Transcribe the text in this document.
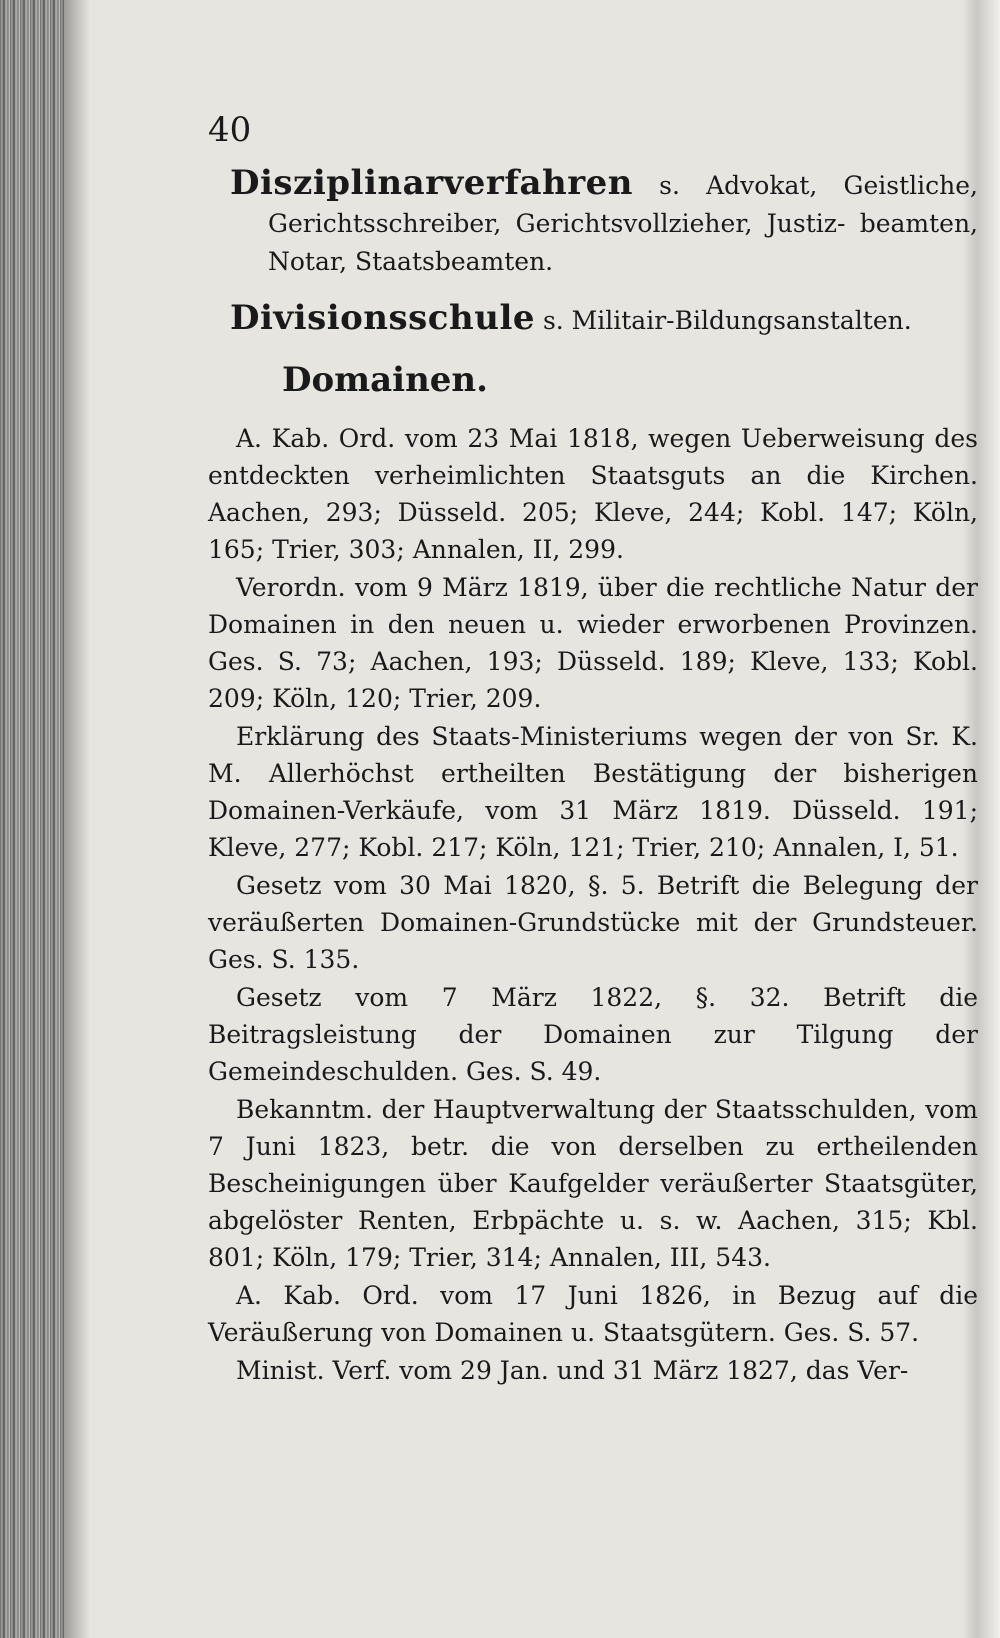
40
Disziplinarverfahren s. Advokat, Geistliche, Gerichtsschreiber, Gerichtsvollzieher, Justiz- beamten, Notar, Staatsbeamten.
Divisionsschule s. Militair-Bildungsanstalten.
Domainen.

A. Kab. Ord. vom 23 Mai 1818, wegen Ueberweisung des entdeckten verheimlichten Staatsguts an die Kirchen. Aachen, 293; Düsseld. 205; Kleve, 244; Kobl. 147; Köln, 165; Trier, 303; Annalen, II, 299.

Verordn. vom 9 März 1819, über die rechtliche Natur der Domainen in den neuen u. wieder erworbenen Provinzen. Ges. S. 73; Aachen, 193; Düsseld. 189; Kleve, 133; Kobl. 209; Köln, 120; Trier, 209.

Erklärung des Staats-Ministeriums wegen der von Sr. K. M. Allerhöchst ertheilten Bestätigung der bisherigen Domainen-Verkäufe, vom 31 März 1819. Düsseld. 191; Kleve, 277; Kobl. 217; Köln, 121; Trier, 210; Annalen, I, 51.

Gesetz vom 30 Mai 1820, §. 5. Betrift die Belegung der veräußerten Domainen-Grundstücke mit der Grundsteuer. Ges. S. 135.

Gesetz vom 7 März 1822, §. 32. Betrift die Beitragsleistung der Domainen zur Tilgung der Gemeindeschulden. Ges. S. 49.

Bekanntm. der Hauptverwaltung der Staatsschulden, vom 7 Juni 1823, betr. die von derselben zu ertheilenden Bescheinigungen über Kaufgelder veräußerter Staatsgüter, abgelöster Renten, Erbpächte u. s. w. Aachen, 315; Kbl. 801; Köln, 179; Trier, 314; Annalen, III, 543.

A. Kab. Ord. vom 17 Juni 1826, in Bezug auf die Veräußerung von Domainen u. Staatsgütern. Ges. S. 57.

Minist. Verf. vom 29 Jan. und 31 März 1827, das Ver-
